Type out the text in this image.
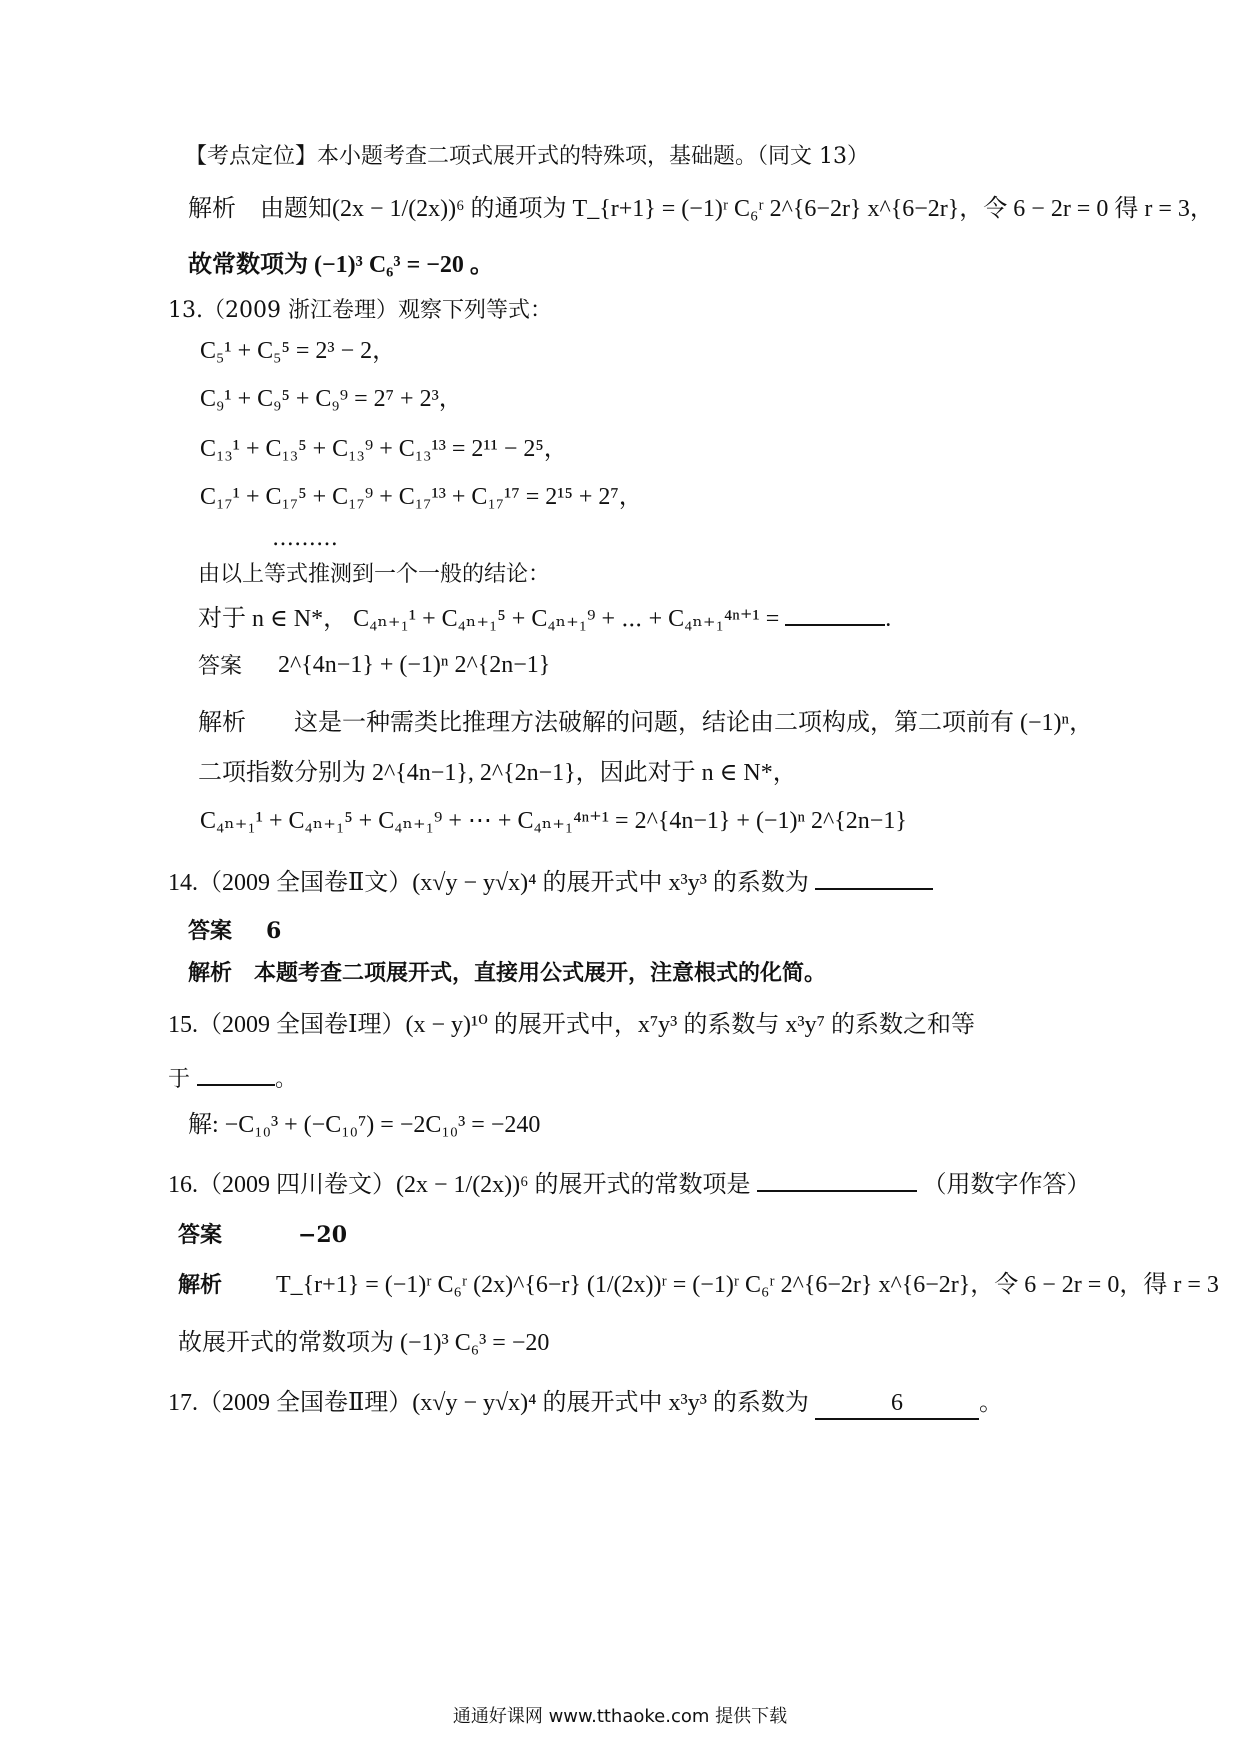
【考点定位】本小题考查二项式展开式的特殊项，基础题。（同文 13）
解析　由题知(2x − 1/(2x))⁶ 的通项为 T_{r+1} = (−1)ʳ C₆ʳ 2^{6−2r} x^{6−2r}，令 6 − 2r = 0 得 r = 3，
故常数项为 (−1)³ C₆³ = −20 。
13.（2009 浙江卷理）观察下列等式：
C₅¹ + C₅⁵ = 2³ − 2，
C₉¹ + C₉⁵ + C₉⁹ = 2⁷ + 2³，
C₁₃¹ + C₁₃⁵ + C₁₃⁹ + C₁₃¹³ = 2¹¹ − 2⁵，
C₁₇¹ + C₁₇⁵ + C₁₇⁹ + C₁₇¹³ + C₁₇¹⁷ = 2¹⁵ + 2⁷，
………
由以上等式推测到一个一般的结论：
对于 n ∈ N*， C₄ₙ₊₁¹ + C₄ₙ₊₁⁵ + C₄ₙ₊₁⁹ + ⋯ + C₄ₙ₊₁⁴ⁿ⁺¹ =	.
答案 2^{4n−1} + (−1)ⁿ 2^{2n−1}
解析　　这是一种需类比推理方法破解的问题，结论由二项构成，第二项前有 (−1)ⁿ，
二项指数分别为 2^{4n−1}, 2^{2n−1}，因此对于 n ∈ N*，
C₄ₙ₊₁¹ + C₄ₙ₊₁⁵ + C₄ₙ₊₁⁹ + ⋯ + C₄ₙ₊₁⁴ⁿ⁺¹ = 2^{4n−1} + (−1)ⁿ 2^{2n−1}
14.（2009 全国卷Ⅱ文）(x√y − y√x)⁴ 的展开式中 x³y³ 的系数为
答案 6
解析　本题考查二项展开式，直接用公式展开，注意根式的化简。
15.（2009 全国卷Ⅰ理）(x − y)¹⁰ 的展开式中，x⁷y³ 的系数与 x³y⁷ 的系数之和等
于	。
解: −C₁₀³ + (−C₁₀⁷) = −2C₁₀³ = −240
16.（2009 四川卷文）(2x − 1/(2x))⁶ 的展开式的常数项是	（用数字作答）
答案	−20
解析 T_{r+1} = (−1)ʳ C₆ʳ (2x)^{6−r} (1/(2x))ʳ = (−1)ʳ C₆ʳ 2^{6−2r} x^{6−2r}，令 6 − 2r = 0，得 r = 3
故展开式的常数项为 (−1)³ C₆³ = −20
17.（2009 全国卷Ⅱ理）(x√y − y√x)⁴ 的展开式中 x³y³ 的系数为	6	。
通通好课网 www.tthaoke.com 提供下载
